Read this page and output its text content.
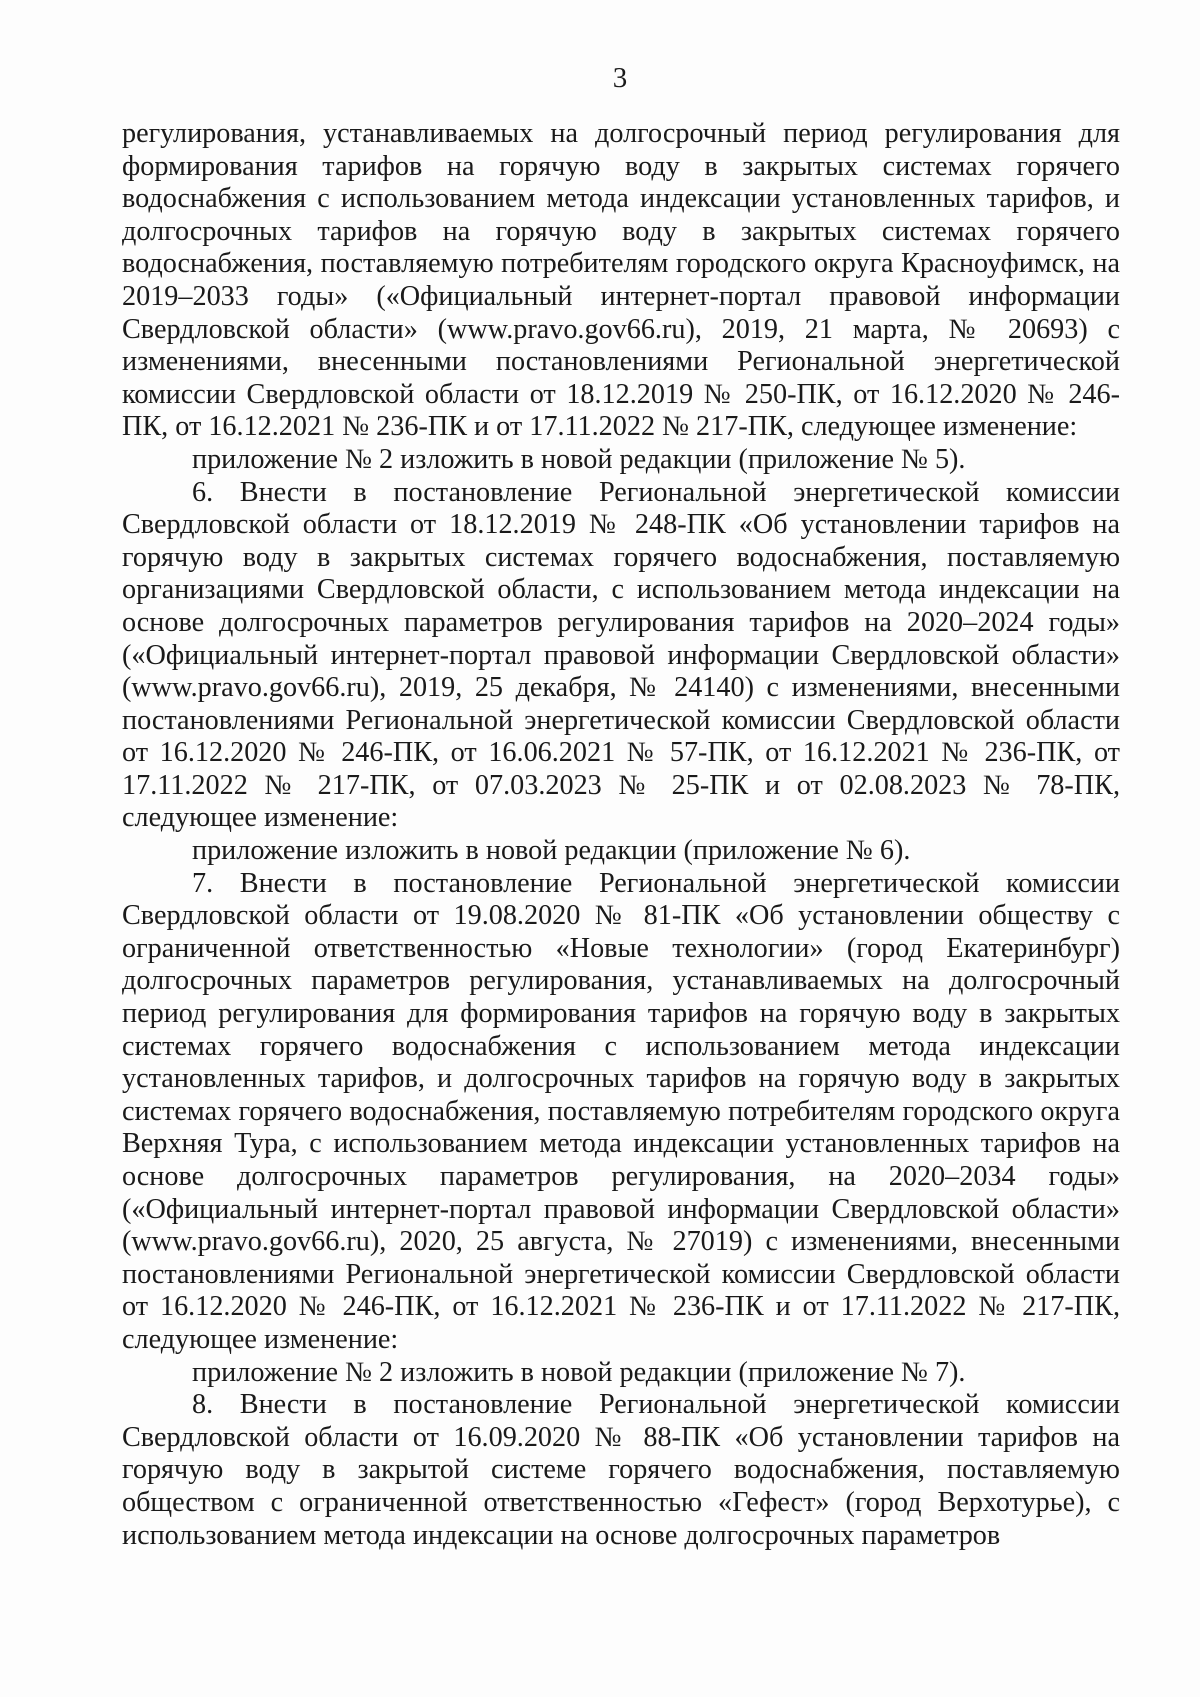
3

регулирования, устанавливаемых на долгосрочный период регулирования для формирования тарифов на горячую воду в закрытых системах горячего водоснабжения с использованием метода индексации установленных тарифов, и долгосрочных тарифов на горячую воду в закрытых системах горячего водоснабжения, поставляемую потребителям городского округа Красноуфимск, на 2019–2033 годы» («Официальный интернет-портал правовой информации Свердловской области» (www.pravo.gov66.ru), 2019, 21 марта, № 20693) с изменениями, внесенными постановлениями Региональной энергетической комиссии Свердловской области от 18.12.2019 № 250-ПК, от 16.12.2020 № 246-ПК, от 16.12.2021 № 236-ПК и от 17.11.2022 № 217-ПК, следующее изменение:

приложение № 2 изложить в новой редакции (приложение № 5).

6. Внести в постановление Региональной энергетической комиссии Свердловской области от 18.12.2019 № 248-ПК «Об установлении тарифов на горячую воду в закрытых системах горячего водоснабжения, поставляемую организациями Свердловской области, с использованием метода индексации на основе долгосрочных параметров регулирования тарифов на 2020–2024 годы» («Официальный интернет-портал правовой информации Свердловской области» (www.pravo.gov66.ru), 2019, 25 декабря, № 24140) с изменениями, внесенными постановлениями Региональной энергетической комиссии Свердловской области от 16.12.2020 № 246-ПК, от 16.06.2021 № 57-ПК, от 16.12.2021 № 236-ПК, от 17.11.2022 № 217-ПК, от 07.03.2023 № 25-ПК и от 02.08.2023 № 78-ПК, следующее изменение:

приложение изложить в новой редакции (приложение № 6).

7. Внести в постановление Региональной энергетической комиссии Свердловской области от 19.08.2020 № 81-ПК «Об установлении обществу с ограниченной ответственностью «Новые технологии» (город Екатеринбург) долгосрочных параметров регулирования, устанавливаемых на долгосрочный период регулирования для формирования тарифов на горячую воду в закрытых системах горячего водоснабжения с использованием метода индексации установленных тарифов, и долгосрочных тарифов на горячую воду в закрытых системах горячего водоснабжения, поставляемую потребителям городского округа Верхняя Тура, с использованием метода индексации установленных тарифов на основе долгосрочных параметров регулирования, на 2020–2034 годы» («Официальный интернет-портал правовой информации Свердловской области» (www.pravo.gov66.ru), 2020, 25 августа, № 27019) с изменениями, внесенными постановлениями Региональной энергетической комиссии Свердловской области от 16.12.2020 № 246-ПК, от 16.12.2021 № 236-ПК и от 17.11.2022 № 217-ПК, следующее изменение:

приложение № 2 изложить в новой редакции (приложение № 7).

8. Внести в постановление Региональной энергетической комиссии Свердловской области от 16.09.2020 № 88-ПК «Об установлении тарифов на горячую воду в закрытой системе горячего водоснабжения, поставляемую обществом с ограниченной ответственностью «Гефест» (город Верхотурье), с использованием метода индексации на основе долгосрочных параметров
